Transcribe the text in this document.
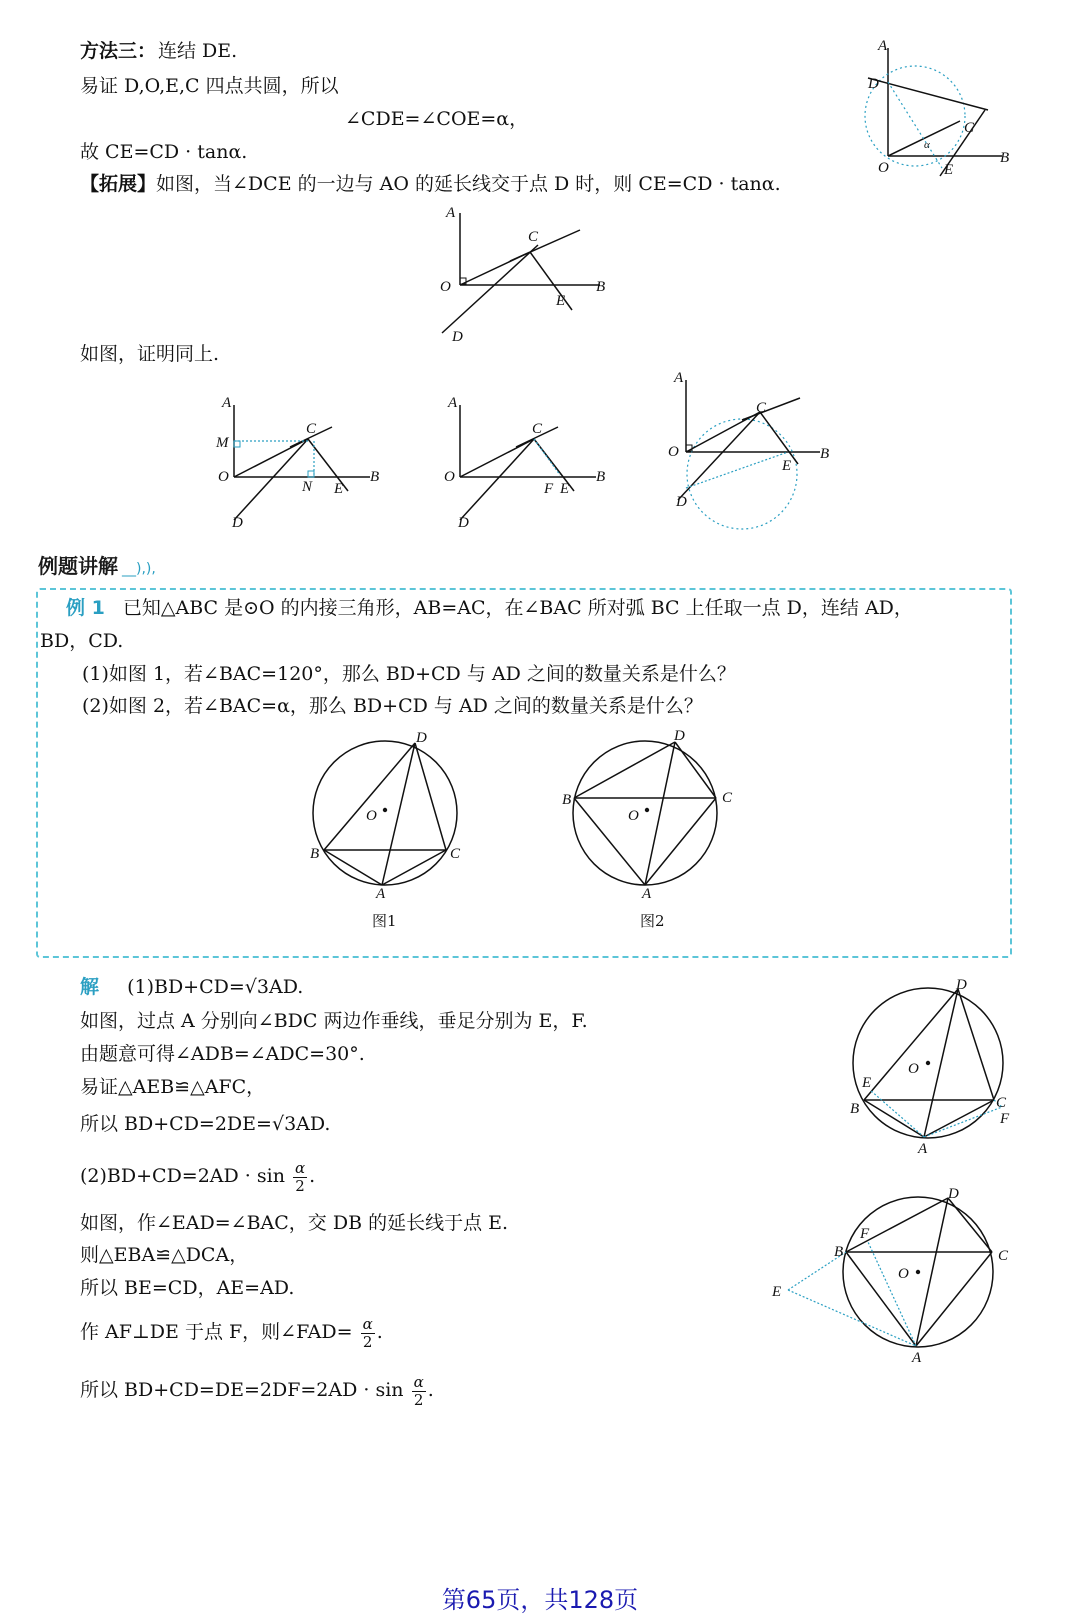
方法三： 连结 DE.
易证 D,O,E,C 四点共圆，所以
∠CDE=∠COE=α，
故 CE=CD · tanα.
【拓展】如图，当∠DCE 的一边与 AO 的延长线交于点 D 时，则 CE=CD · tanα.
A
D
C
O	E
B
α
A
O
C
B
E
D
如图，证明同上.
A
M
O
C
N E
B
D
A
O
C
F E
B
D
A
O
C
E
B
D
例题讲解 __),),
例 1 已知△ABC 是⊙O 的内接三角形，AB=AC，在∠BAC 所对弧 BC 上任取一点 D，连结 AD，
BD，CD.
(1)如图 1，若∠BAC=120°，那么 BD+CD 与 AD 之间的数量关系是什么？
(2)如图 2，若∠BAC=α，那么 BD+CD 与 AD 之间的数量关系是什么？
O
D
B	C
A
图1
O
D
B	C
A
图2
解 (1)BD+CD=√3AD.
如图，过点 A 分别向∠BDC 两边作垂线，垂足分别为 E，F.
由题意可得∠ADB=∠ADC=30°.
易证△AEB≌△AFC，
所以 BD+CD=2DE=√3AD.
$(2)BD+CD=2AD \cdot \sin \frac{\alpha}{2}$ .
如图，作∠EAD=∠BAC，交 DB 的延长线于点 E.
则△EBA≌△DCA，
所以 BE=CD，AE=AD.
作 AF⊥DE 于点 F，则∠FAD= $\frac{\alpha}{2}$ .
所以 $BD+CD=DE=2DF=2AD \cdot \sin \frac{\alpha}{2}$ .
O
D
E
B	C
F
A
O
D
F
B	C
E
A
第65页，共128页
